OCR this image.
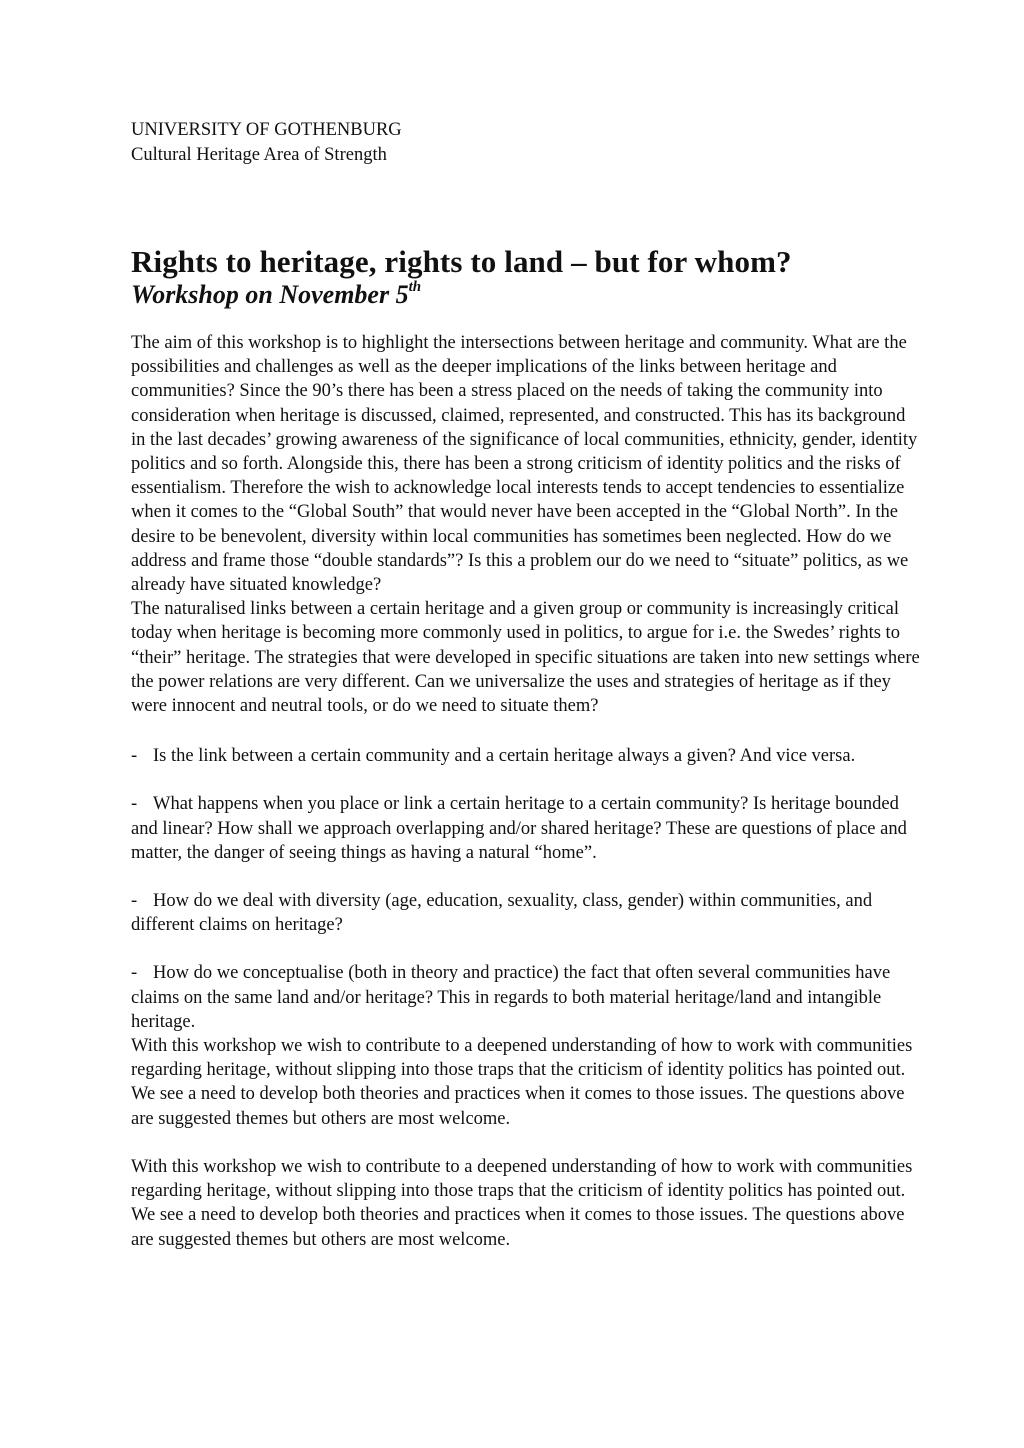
UNIVERSITY OF GOTHENBURG

Cultural Heritage Area of Strength

Rights to heritage, rights to land – but for whom?
Workshop on November 5th

The aim of this workshop is to highlight the intersections between heritage and community. What are the possibilities and challenges as well as the deeper implications of the links between heritage and communities? Since the 90’s there has been a stress placed on the needs of taking the community into consideration when heritage is discussed, claimed, represented, and constructed. This has its background in the last decades’ growing awareness of the significance of local communities, ethnicity, gender, identity politics and so forth. Alongside this, there has been a strong criticism of identity politics and the risks of essentialism. Therefore the wish to acknowledge local interests tends to accept tendencies to essentialize when it comes to the “Global South” that would never have been accepted in the “Global North”. In the desire to be benevolent, diversity within local communities has sometimes been neglected. How do we address and frame those “double standards”? Is this a problem our do we need to “situate” politics, as we already have situated knowledge?

The naturalised links between a certain heritage and a given group or community is increasingly critical today when heritage is becoming more commonly used in politics, to argue for i.e. the Swedes’ rights to “their” heritage. The strategies that were developed in specific situations are taken into new settings where the power relations are very different. Can we universalize the uses and strategies of heritage as if they were innocent and neutral tools, or do we need to situate them?

- Is the link between a certain community and a certain heritage always a given? And vice versa.

- What happens when you place or link a certain heritage to a certain community? Is heritage bounded and linear? How shall we approach overlapping and/or shared heritage? These are questions of place and matter, the danger of seeing things as having a natural “home”.

- How do we deal with diversity (age, education, sexuality, class, gender) within communities, and different claims on heritage?

- How do we conceptualise (both in theory and practice) the fact that often several communities have claims on the same land and/or heritage? This in regards to both material heritage/land and intangible heritage.

With this workshop we wish to contribute to a deepened understanding of how to work with communities regarding heritage, without slipping into those traps that the criticism of identity politics has pointed out. We see a need to develop both theories and practices when it comes to those issues. The questions above are suggested themes but others are most welcome.

With this workshop we wish to contribute to a deepened understanding of how to work with communities regarding heritage, without slipping into those traps that the criticism of identity politics has pointed out. We see a need to develop both theories and practices when it comes to those issues. The questions above are suggested themes but others are most welcome.
